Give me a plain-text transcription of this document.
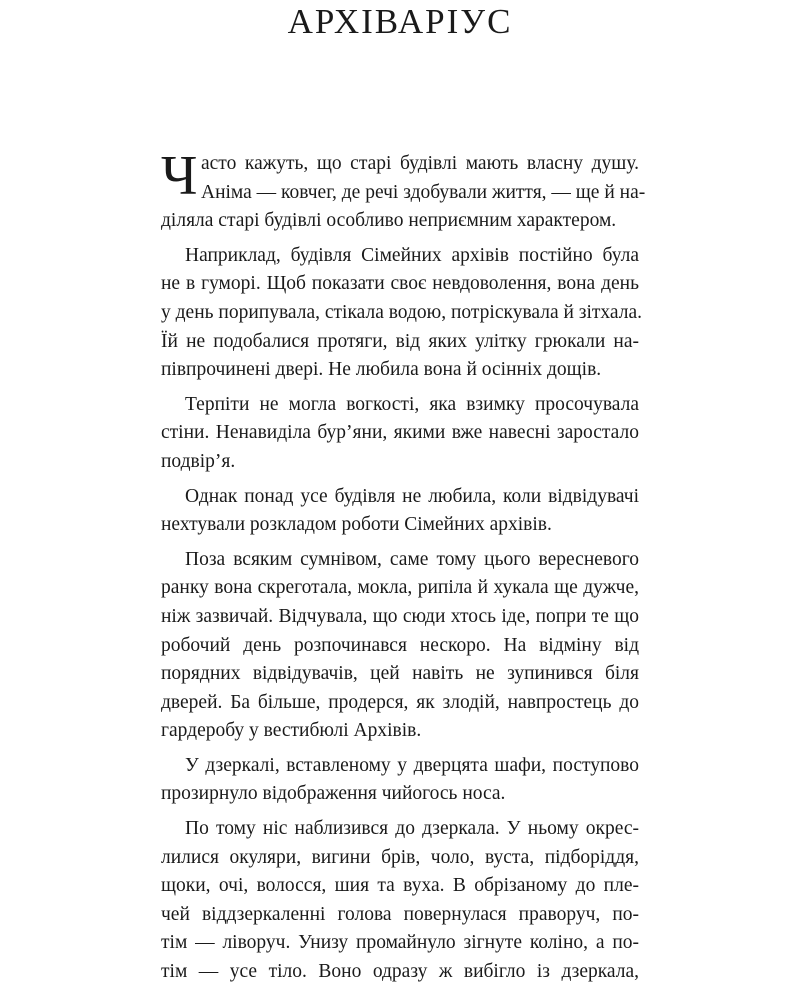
АРХІВАРІУС
Ч асто кажуть, що старі будівлі мають власну душу.
Аніма — ковчег, де речі здобували життя, — ще й на-
діляла старі будівлі особливо неприємним характером.
Наприклад, будівля Сімейних архівів постійно була
не в гуморі. Щоб показати своє невдоволення, вона день
у день порипувала, стікала водою, потріскувала й зітхала.
Їй не подобалися протяги, від яких улітку грюкали на-
півпрочинені двері. Не любила вона й осінніх дощів.
Терпіти не могла вогкості, яка взимку просочувала
стіни. Ненавиділа бур’яни, якими вже навесні заростало
подвір’я.
Однак понад усе будівля не любила, коли відвідувачі
нехтували розкладом роботи Сімейних архівів.
Поза всяким сумнівом, саме тому цього вересневого
ранку вона скреготала, мокла, рипіла й хукала ще дужче,
ніж зазвичай. Відчувала, що сюди хтось іде, попри те що
робочий день розпочинався нескоро. На відміну від
порядних відвідувачів, цей навіть не зупинився біля
дверей. Ба більше, продерся, як злодій, навпростець до
гардеробу у вестибюлі Архівів.
У дзеркалі, вставленому у дверцята шафи, поступово
прозирнуло відображення чийогось носа.
По тому ніс наблизився до дзеркала. У ньому окрес-
лилися окуляри, вигини брів, чоло, вуста, підборіддя,
щоки, очі, волосся, шия та вуха. В обрізаному до пле-
чей віддзеркаленні голова повернулася праворуч, по-
тім — ліворуч. Унизу промайнуло зігнуте коліно, а по-
тім — усе тіло. Воно одразу ж вибігло із дзеркала,
